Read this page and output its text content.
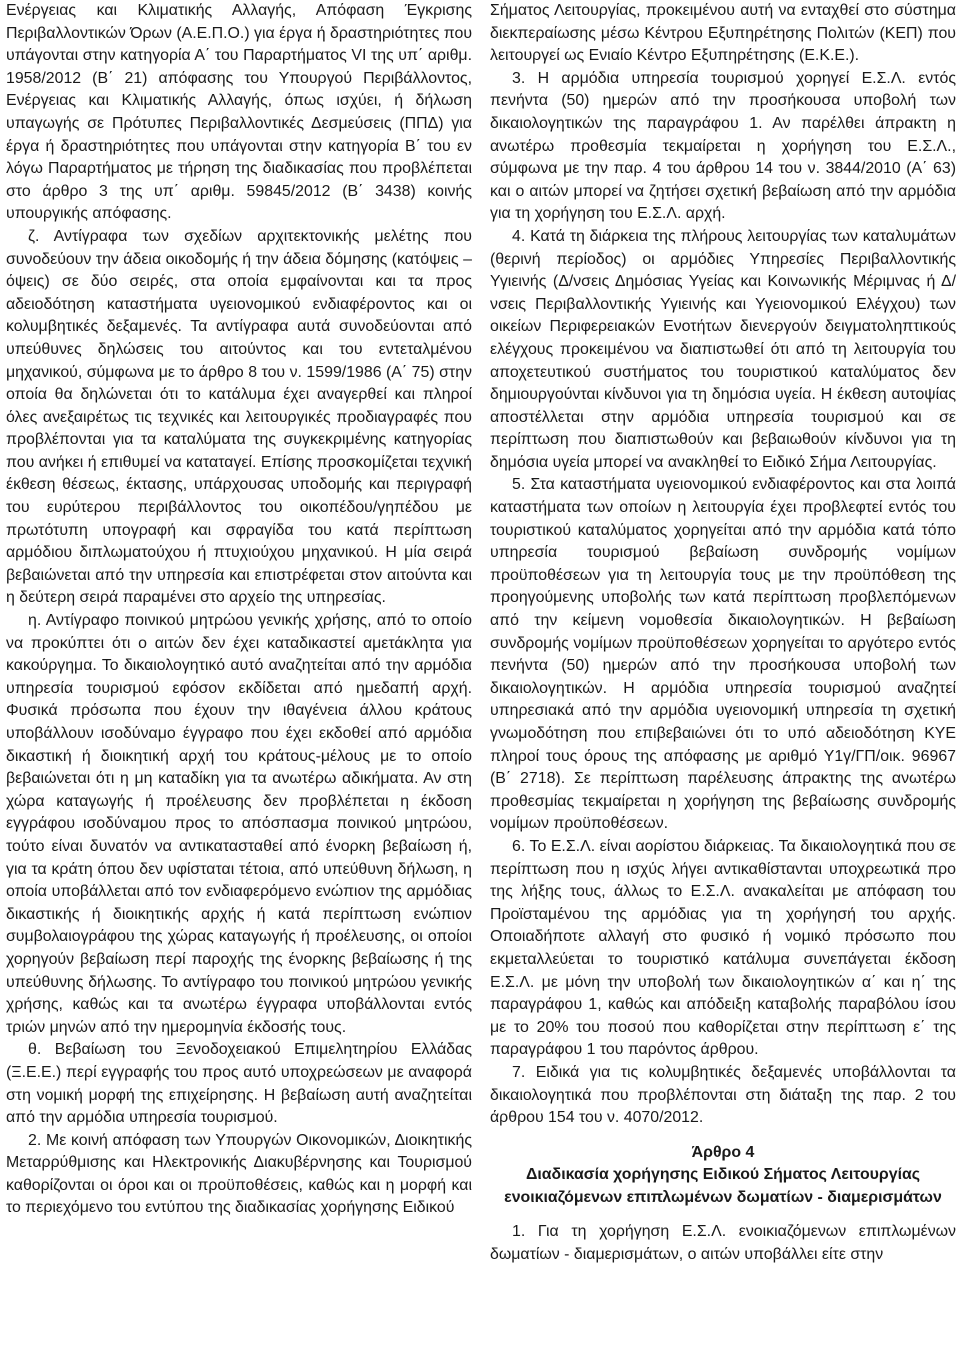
Ενέργειας και Κλιματικής Αλλαγής, Απόφαση Έγκρισης Περιβαλλοντικών Όρων (Α.Ε.Π.Ο.) για έργα ή δραστηριότητες που υπάγονται στην κατηγορία Α΄ του Παραρτήματος VI της υπ΄ αριθμ. 1958/2012 (Β΄ 21) απόφασης του Υπουργού Περιβάλλοντος, Ενέργειας και Κλιματικής Αλλαγής, όπως ισχύει, ή δήλωση υπαγωγής σε Πρότυπες Περιβαλλοντικές Δεσμεύσεις (ΠΠΔ) για έργα ή δραστηριότητες που υπάγονται στην κατηγορία Β΄ του εν λόγω Παραρτήματος με τήρηση της διαδικασίας που προβλέπεται στο άρθρο 3 της υπ΄ αριθμ. 59845/2012 (Β΄ 3438) κοινής υπουργικής απόφασης.

ζ. Αντίγραφα των σχεδίων αρχιτεκτονικής μελέτης που συνοδεύουν την άδεια οικοδομής ή την άδεια δόμησης (κατόψεις – όψεις) σε δύο σειρές, στα οποία εμφαίνονται και τα προς αδειοδότηση καταστήματα υγειονομικού ενδιαφέροντος και οι κολυμβητικές δεξαμενές. Τα αντίγραφα αυτά συνοδεύονται από υπεύθυνες δηλώσεις του αιτούντος και του εντεταλμένου μηχανικού, σύμφωνα με το άρθρο 8 του ν. 1599/1986 (Α΄ 75) στην οποία θα δηλώνεται ότι το κατάλυμα έχει αναγερθεί και πληροί όλες ανεξαιρέτως τις τεχνικές και λειτουργικές προδιαγραφές που προβλέπονται για τα καταλύματα της συγκεκριμένης κατηγορίας που ανήκει ή επιθυμεί να καταταγεί. Επίσης προσκομίζεται τεχνική έκθεση θέσεως, έκτασης, υπάρχουσας υποδομής και περιγραφή του ευρύτερου περιβάλλοντος του οικοπέδου/γηπέδου με πρωτότυπη υπογραφή και σφραγίδα του κατά περίπτωση αρμόδιου διπλωματούχου ή πτυχιούχου μηχανικού. Η μία σειρά βεβαιώνεται από την υπηρεσία και επιστρέφεται στον αιτούντα και η δεύτερη σειρά παραμένει στο αρχείο της υπηρεσίας.

η. Αντίγραφο ποινικού μητρώου γενικής χρήσης, από το οποίο να προκύπτει ότι ο αιτών δεν έχει καταδικαστεί αμετάκλητα για κακούργημα. Το δικαιολογητικό αυτό αναζητείται από την αρμόδια υπηρεσία τουρισμού εφόσον εκδίδεται από ημεδαπή αρχή. Φυσικά πρόσωπα που έχουν την ιθαγένεια άλλου κράτους υποβάλλουν ισοδύναμο έγγραφο που έχει εκδοθεί από αρμόδια δικαστική ή διοικητική αρχή του κράτους-μέλους με το οποίο βεβαιώνεται ότι η μη καταδίκη για τα ανωτέρω αδικήματα. Αν στη χώρα καταγωγής ή προέλευσης δεν προβλέπεται η έκδοση εγγράφου ισοδύναμου προς το απόσπασμα ποινικού μητρώου, τούτο είναι δυνατόν να αντικατασταθεί από ένορκη βεβαίωση ή, για τα κράτη όπου δεν υφίσταται τέτοια, από υπεύθυνη δήλωση, η οποία υποβάλλεται από τον ενδιαφερόμενο ενώπιον της αρμόδιας δικαστικής ή διοικητικής αρχής ή κατά περίπτωση ενώπιον συμβολαιογράφου της χώρας καταγωγής ή προέλευσης, οι οποίοι χορηγούν βεβαίωση περί παροχής της ένορκης βεβαίωσης ή της υπεύθυνης δήλωσης. Το αντίγραφο του ποινικού μητρώου γενικής χρήσης, καθώς και τα ανωτέρω έγγραφα υποβάλλονται εντός τριών μηνών από την ημερομηνία έκδοσής τους.

θ. Βεβαίωση του Ξενοδοχειακού Επιμελητηρίου Ελλάδας (Ξ.Ε.Ε.) περί εγγραφής του προς αυτό υποχρεώσεων με αναφορά στη νομική μορφή της επιχείρησης. Η βεβαίωση αυτή αναζητείται από την αρμόδια υπηρεσία τουρισμού.

2. Με κοινή απόφαση των Υπουργών Οικονομικών, Διοικητικής Μεταρρύθμισης και Ηλεκτρονικής Διακυβέρνησης και Τουρισμού καθορίζονται οι όροι και οι προϋποθέσεις, καθώς και η μορφή και το περιεχόμενο του εντύπου της διαδικασίας χορήγησης Ειδικού

Σήματος Λειτουργίας, προκειμένου αυτή να ενταχθεί στο σύστημα διεκπεραίωσης μέσω Κέντρου Εξυπηρέτησης Πολιτών (ΚΕΠ) που λειτουργεί ως Ενιαίο Κέντρο Εξυπηρέτησης (Ε.Κ.Ε.).

3. Η αρμόδια υπηρεσία τουρισμού χορηγεί Ε.Σ.Λ. εντός πενήντα (50) ημερών από την προσήκουσα υποβολή των δικαιολογητικών της παραγράφου 1. Αν παρέλθει άπρακτη η ανωτέρω προθεσμία τεκμαίρεται η χορήγηση του Ε.Σ.Λ., σύμφωνα με την παρ. 4 του άρθρου 14 του ν. 3844/2010 (Α΄ 63) και ο αιτών μπορεί να ζητήσει σχετική βεβαίωση από την αρμόδια για τη χορήγηση του Ε.Σ.Λ. αρχή.

4. Κατά τη διάρκεια της πλήρους λειτουργίας των καταλυμάτων (θερινή περίοδος) οι αρμόδιες Υπηρεσίες Περιβαλλοντικής Υγιεινής (Δ/νσεις Δημόσιας Υγείας και Κοινωνικής Μέριμνας ή Δ/νσεις Περιβαλλοντικής Υγιεινής και Υγειονομικού Ελέγχου) των οικείων Περιφερειακών Ενοτήτων διενεργούν δειγματοληπτικούς ελέγχους προκειμένου να διαπιστωθεί ότι από τη λειτουργία του αποχετευτικού συστήματος του τουριστικού καταλύματος δεν δημιουργούνται κίνδυνοι για τη δημόσια υγεία. Η έκθεση αυτοψίας αποστέλλεται στην αρμόδια υπηρεσία τουρισμού και σε περίπτωση που διαπιστωθούν και βεβαιωθούν κίνδυνοι για τη δημόσια υγεία μπορεί να ανακληθεί το Ειδικό Σήμα Λειτουργίας.

5. Στα καταστήματα υγειονομικού ενδιαφέροντος και στα λοιπά καταστήματα των οποίων η λειτουργία έχει προβλεφτεί εντός του τουριστικού καταλύματος χορηγείται από την αρμόδια κατά τόπο υπηρεσία τουρισμού βεβαίωση συνδρομής νομίμων προϋποθέσεων για τη λειτουργία τους με την προϋπόθεση της προηγούμενης υποβολής των κατά περίπτωση προβλεπόμενων από την κείμενη νομοθεσία δικαιολογητικών. Η βεβαίωση συνδρομής νομίμων προϋποθέσεων χορηγείται το αργότερο εντός πενήντα (50) ημερών από την προσήκουσα υποβολή των δικαιολογητικών. Η αρμόδια υπηρεσία τουρισμού αναζητεί υπηρεσιακά από την αρμόδια υγειονομική υπηρεσία τη σχετική γνωμοδότηση που επιβεβαιώνει ότι το υπό αδειοδότηση ΚΥΕ πληροί τους όρους της απόφασης με αριθμό Υ1γ/ΓΠ/οικ. 96967 (Β΄ 2718). Σε περίπτωση παρέλευσης άπρακτης της ανωτέρω προθεσμίας τεκμαίρεται η χορήγηση της βεβαίωσης συνδρομής νομίμων προϋποθέσεων.

6. Το Ε.Σ.Λ. είναι αορίστου διάρκειας. Τα δικαιολογητικά που σε περίπτωση που η ισχύς λήγει αντικαθίστανται υποχρεωτικά προ της λήξης τους, άλλως το Ε.Σ.Λ. ανακαλείται με απόφαση του Προϊσταμένου της αρμόδιας για τη χορήγησή του αρχής. Οποιαδήποτε αλλαγή στο φυσικό ή νομικό πρόσωπο που εκμεταλλεύεται το τουριστικό κατάλυμα συνεπάγεται έκδοση Ε.Σ.Λ. με μόνη την υποβολή των δικαιολογητικών α΄ και η΄ της παραγράφου 1, καθώς και απόδειξη καταβολής παραβόλου ίσου με το 20% του ποσού που καθορίζεται στην περίπτωση ε΄ της παραγράφου 1 του παρόντος άρθρου.

7. Ειδικά για τις κολυμβητικές δεξαμενές υποβάλλονται τα δικαιολογητικά που προβλέπονται στη διάταξη της παρ. 2 του άρθρου 154 του ν. 4070/2012.

Άρθρο 4
Διαδικασία χορήγησης Ειδικού Σήματος Λειτουργίας ενοικιαζόμενων επιπλωμένων δωματίων - διαμερισμάτων

1. Για τη χορήγηση Ε.Σ.Λ. ενοικιαζόμενων επιπλωμένων δωματίων - διαμερισμάτων, ο αιτών υποβάλλει είτε στην
